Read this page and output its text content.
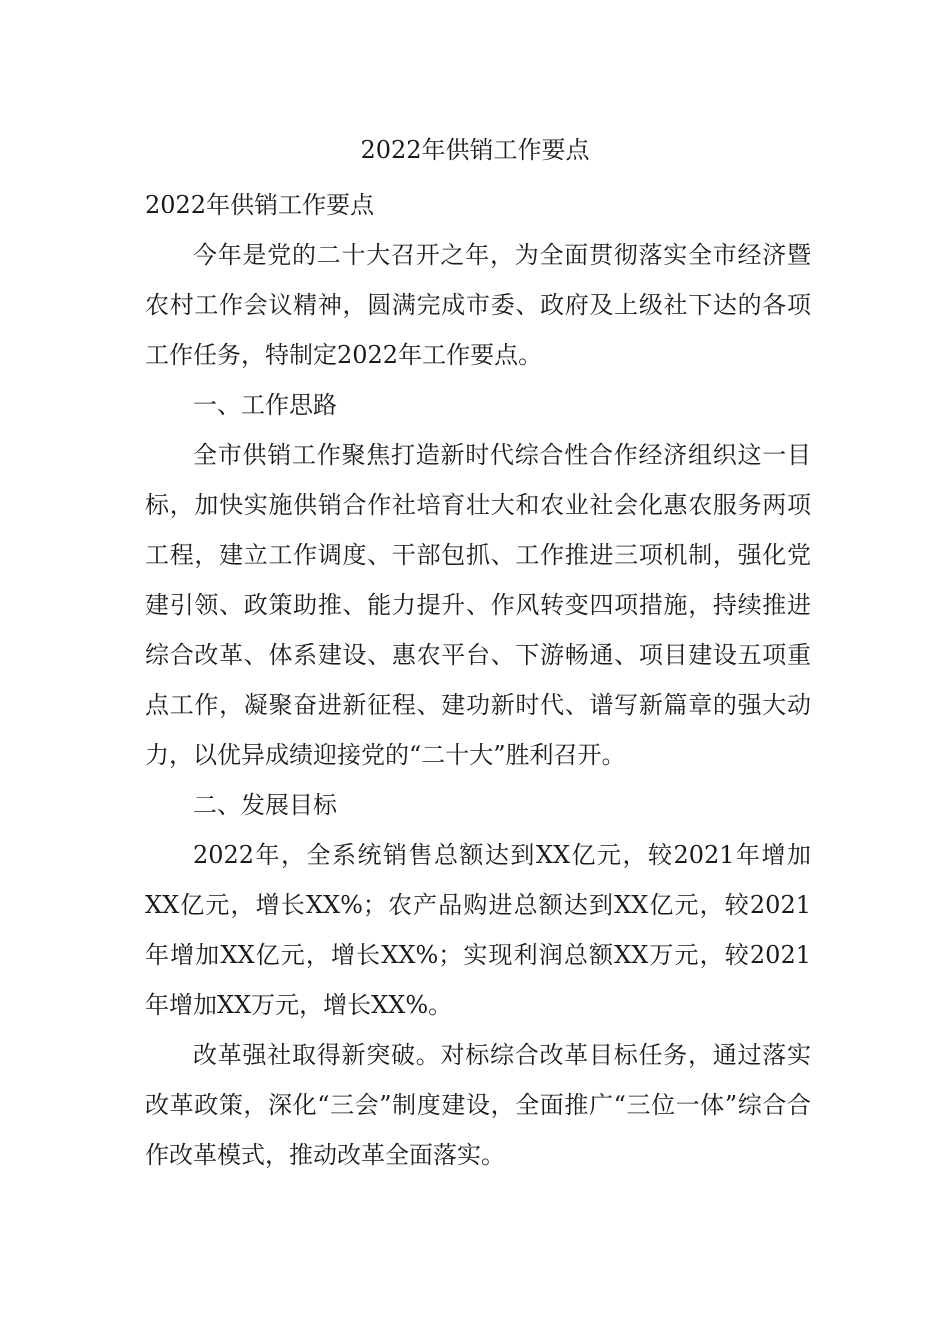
2022年供销工作要点

2022年供销工作要点

今年是党的二十大召开之年，为全面贯彻落实全市经济暨农村工作会议精神，圆满完成市委、政府及上级社下达的各项工作任务，特制定2022年工作要点。

一、工作思路

全市供销工作聚焦打造新时代综合性合作经济组织这一目标，加快实施供销合作社培育壮大和农业社会化惠农服务两项工程，建立工作调度、干部包抓、工作推进三项机制，强化党建引领、政策助推、能力提升、作风转变四项措施，持续推进综合改革、体系建设、惠农平台、下游畅通、项目建设五项重点工作，凝聚奋进新征程、建功新时代、谱写新篇章的强大动力，以优异成绩迎接党的“二十大”胜利召开。

二、发展目标

2022年，全系统销售总额达到XX亿元，较2021年增加XX亿元，增长XX%；农产品购进总额达到XX亿元，较2021年增加XX亿元，增长XX%；实现利润总额XX万元，较2021年增加XX万元，增长XX%。

改革强社取得新突破。对标综合改革目标任务，通过落实改革政策，深化“三会”制度建设，全面推广“三位一体”综合合作改革模式，推动改革全面落实。
